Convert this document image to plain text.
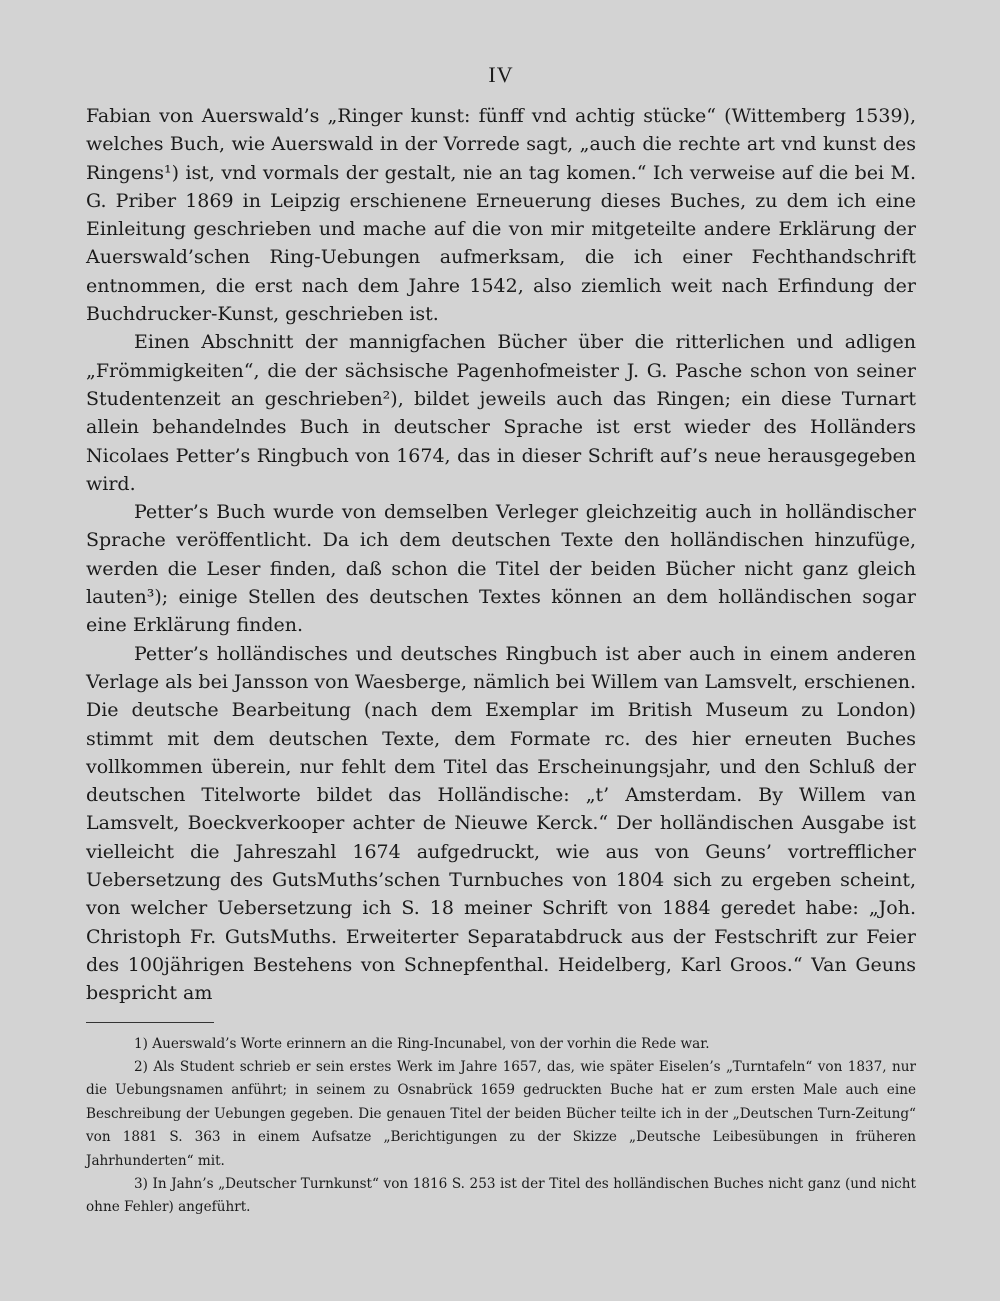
IV

Fabian von Auerswald’s „Ringer kunst: fünff vnd achtig stücke“ (Wittemberg 1539), welches Buch, wie Auerswald in der Vorrede sagt, „auch die rechte art vnd kunst des Ringens¹) ist, vnd vormals der gestalt, nie an tag komen.“ Ich verweise auf die bei M. G. Priber 1869 in Leipzig erschienene Erneuerung dieses Buches, zu dem ich eine Einleitung geschrieben und mache auf die von mir mitgeteilte andere Erklärung der Auerswald’schen Ring-Uebungen aufmerksam, die ich einer Fechthandschrift entnommen, die erst nach dem Jahre 1542, also ziemlich weit nach Erfindung der Buchdrucker-Kunst, geschrieben ist.

Einen Abschnitt der mannigfachen Bücher über die ritterlichen und adligen „Frömmigkeiten“, die der sächsische Pagenhofmeister J. G. Pasche schon von seiner Studentenzeit an geschrieben²), bildet jeweils auch das Ringen; ein diese Turnart allein behandelndes Buch in deutscher Sprache ist erst wieder des Holländers Nicolaes Petter’s Ringbuch von 1674, das in dieser Schrift auf’s neue herausgegeben wird.

Petter’s Buch wurde von demselben Verleger gleichzeitig auch in holländischer Sprache veröffentlicht. Da ich dem deutschen Texte den holländischen hinzufüge, werden die Leser finden, daß schon die Titel der beiden Bücher nicht ganz gleich lauten³); einige Stellen des deutschen Textes können an dem holländischen sogar eine Erklärung finden.

Petter’s holländisches und deutsches Ringbuch ist aber auch in einem anderen Verlage als bei Jansson von Waesberge, nämlich bei Willem van Lamsvelt, erschienen. Die deutsche Bearbeitung (nach dem Exemplar im British Museum zu London) stimmt mit dem deutschen Texte, dem Formate rc. des hier erneuten Buches vollkommen überein, nur fehlt dem Titel das Erscheinungsjahr, und den Schluß der deutschen Titelworte bildet das Holländische: „t’ Amsterdam. By Willem van Lamsvelt, Boeckverkooper achter de Nieuwe Kerck.“ Der holländischen Ausgabe ist vielleicht die Jahreszahl 1674 aufgedruckt, wie aus von Geuns’ vortrefflicher Uebersetzung des GutsMuths’schen Turnbuches von 1804 sich zu ergeben scheint, von welcher Uebersetzung ich S. 18 meiner Schrift von 1884 geredet habe: „Joh. Christoph Fr. GutsMuths. Erweiterter Separatabdruck aus der Festschrift zur Feier des 100jährigen Bestehens von Schnepfenthal. Heidelberg, Karl Groos.“ Van Geuns bespricht am

1) Auerswald’s Worte erinnern an die Ring-Incunabel, von der vorhin die Rede war.

2) Als Student schrieb er sein erstes Werk im Jahre 1657, das, wie später Eiselen’s „Turntafeln“ von 1837, nur die Uebungsnamen anführt; in seinem zu Osnabrück 1659 gedruckten Buche hat er zum ersten Male auch eine Beschreibung der Uebungen gegeben. Die genauen Titel der beiden Bücher teilte ich in der „Deutschen Turn-Zeitung“ von 1881 S. 363 in einem Aufsatze „Berichtigungen zu der Skizze „Deutsche Leibesübungen in früheren Jahrhunderten“ mit.

3) In Jahn’s „Deutscher Turnkunst“ von 1816 S. 253 ist der Titel des holländischen Buches nicht ganz (und nicht ohne Fehler) angeführt.
